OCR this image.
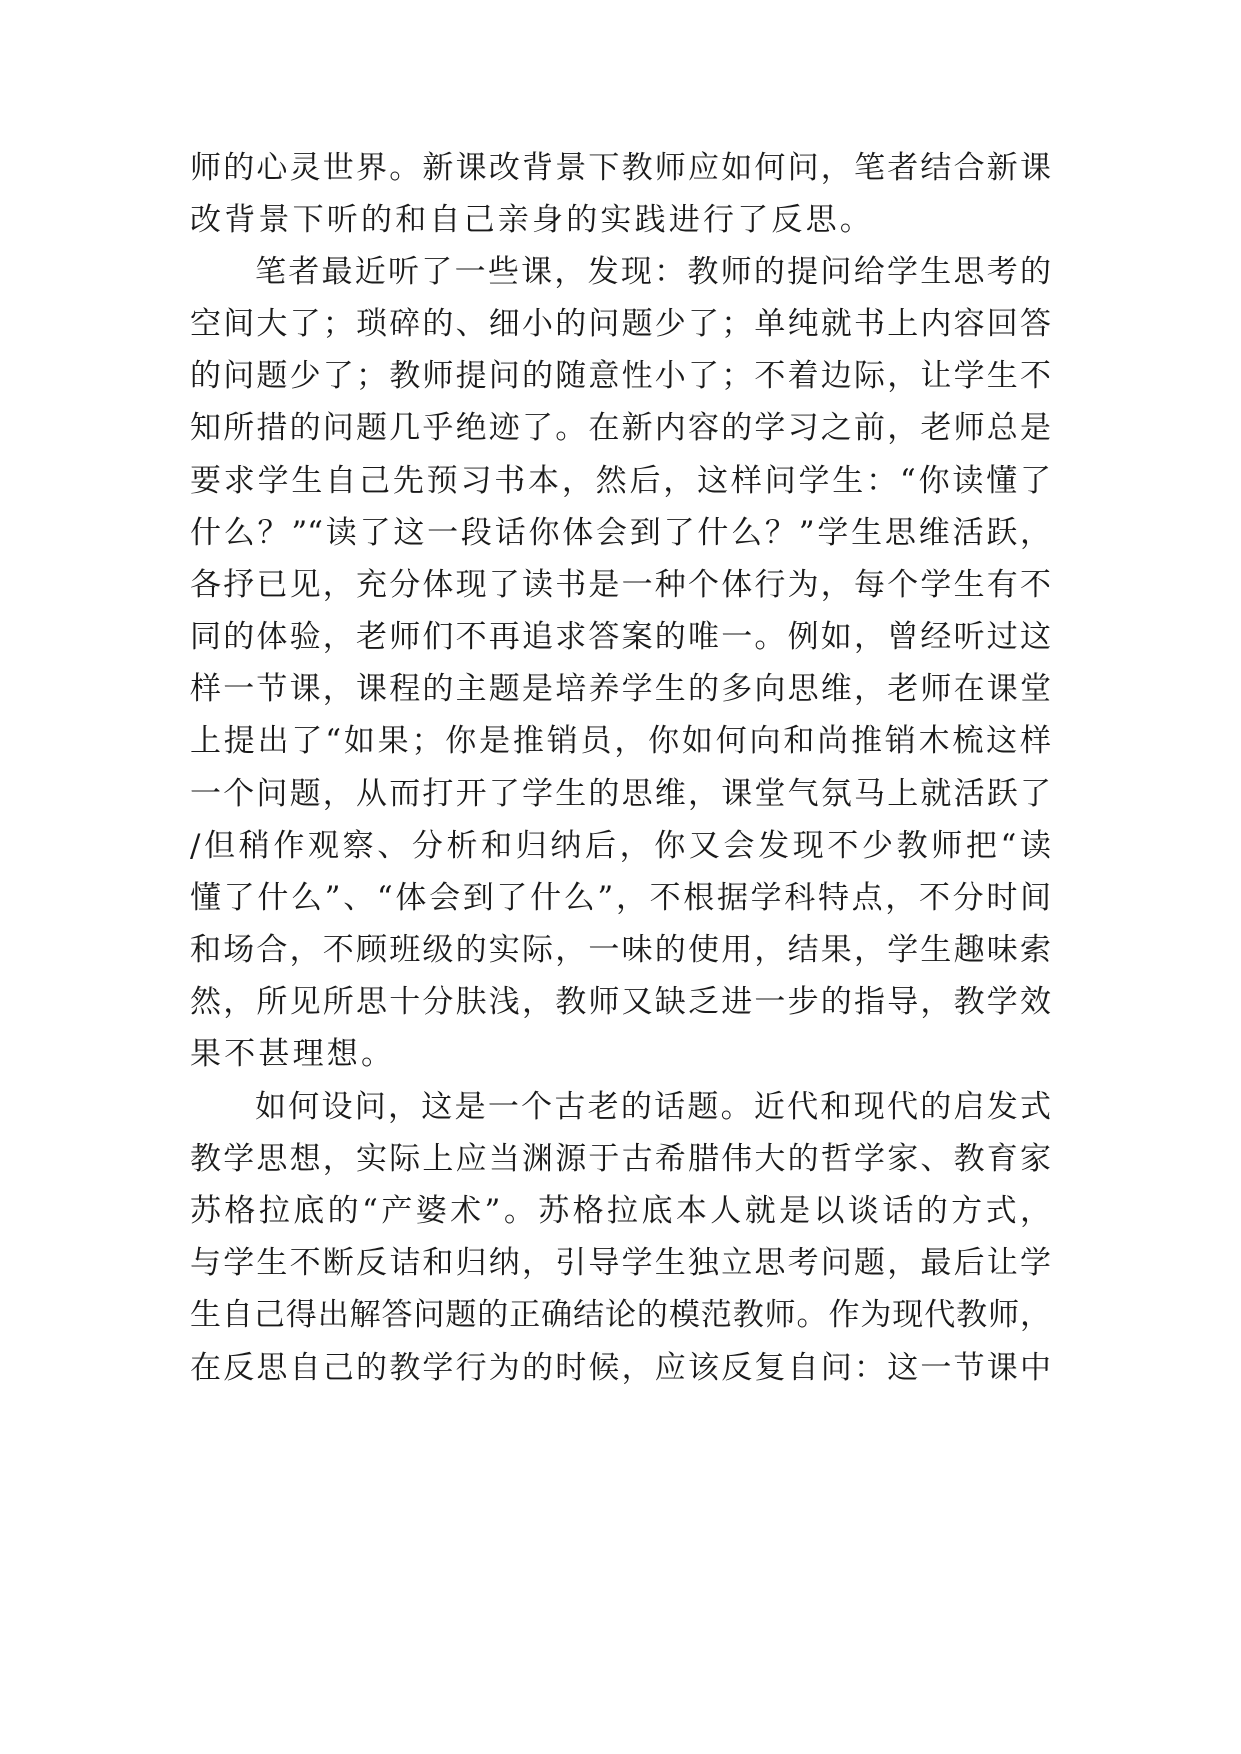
师的心灵世界。新课改背景下教师应如何问，笔者结合新课
改背景下听的和自己亲身的实践进行了反思。
笔者最近听了一些课，发现：教师的提问给学生思考的
空间大了；琐碎的、细小的问题少了；单纯就书上内容回答
的问题少了；教师提问的随意性小了；不着边际，让学生不
知所措的问题几乎绝迹了。在新内容的学习之前，老师总是
要求学生自己先预习书本，然后，这样问学生：“你读懂了
什么？”“读了这一段话你体会到了什么？”学生思维活跃，
各抒已见，充分体现了读书是一种个体行为，每个学生有不
同的体验，老师们不再追求答案的唯一。例如，曾经听过这
样一节课，课程的主题是培养学生的多向思维，老师在课堂
上提出了“如果；你是推销员，你如何向和尚推销木梳这样
一个问题，从而打开了学生的思维，课堂气氛马上就活跃了
/但稍作观察、分析和归纳后，你又会发现不少教师把“读
懂了什么”、“体会到了什么”，不根据学科特点，不分时间
和场合，不顾班级的实际，一味的使用，结果，学生趣味索
然，所见所思十分肤浅，教师又缺乏进一步的指导，教学效
果不甚理想。
如何设问，这是一个古老的话题。近代和现代的启发式
教学思想，实际上应当渊源于古希腊伟大的哲学家、教育家
苏格拉底的“产婆术”。苏格拉底本人就是以谈话的方式，
与学生不断反诘和归纳，引导学生独立思考问题，最后让学
生自己得出解答问题的正确结论的模范教师。作为现代教师，
在反思自己的教学行为的时候，应该反复自问：这一节课中
